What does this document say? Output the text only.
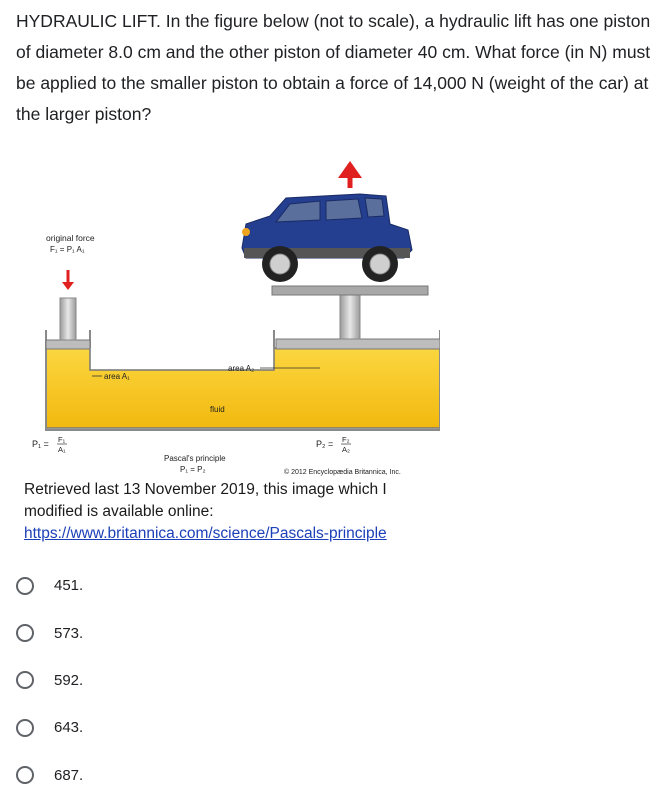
HYDRAULIC LIFT. In the figure below (not to scale), a hydraulic lift has one piston of diameter 8.0 cm and the other piston of diameter 40 cm. What force (in N) must be applied to the smaller piston to obtain a force of 14,000 N (weight of the car) at the larger piston?

original force
F₁ = P₁ A₁
area A₁
area A₂
fluid
P₁ = F₁
A₁
P₂ = F₂
A₂
Pascal's principle
P₁ = P₂	© 2012 Encyclopædia Britannica, Inc.

Retrieved last 13 November 2019, this image which I

modified is available online:

https://www.britannica.com/science/Pascals-principle

451.
573.
592.
643.
687.
